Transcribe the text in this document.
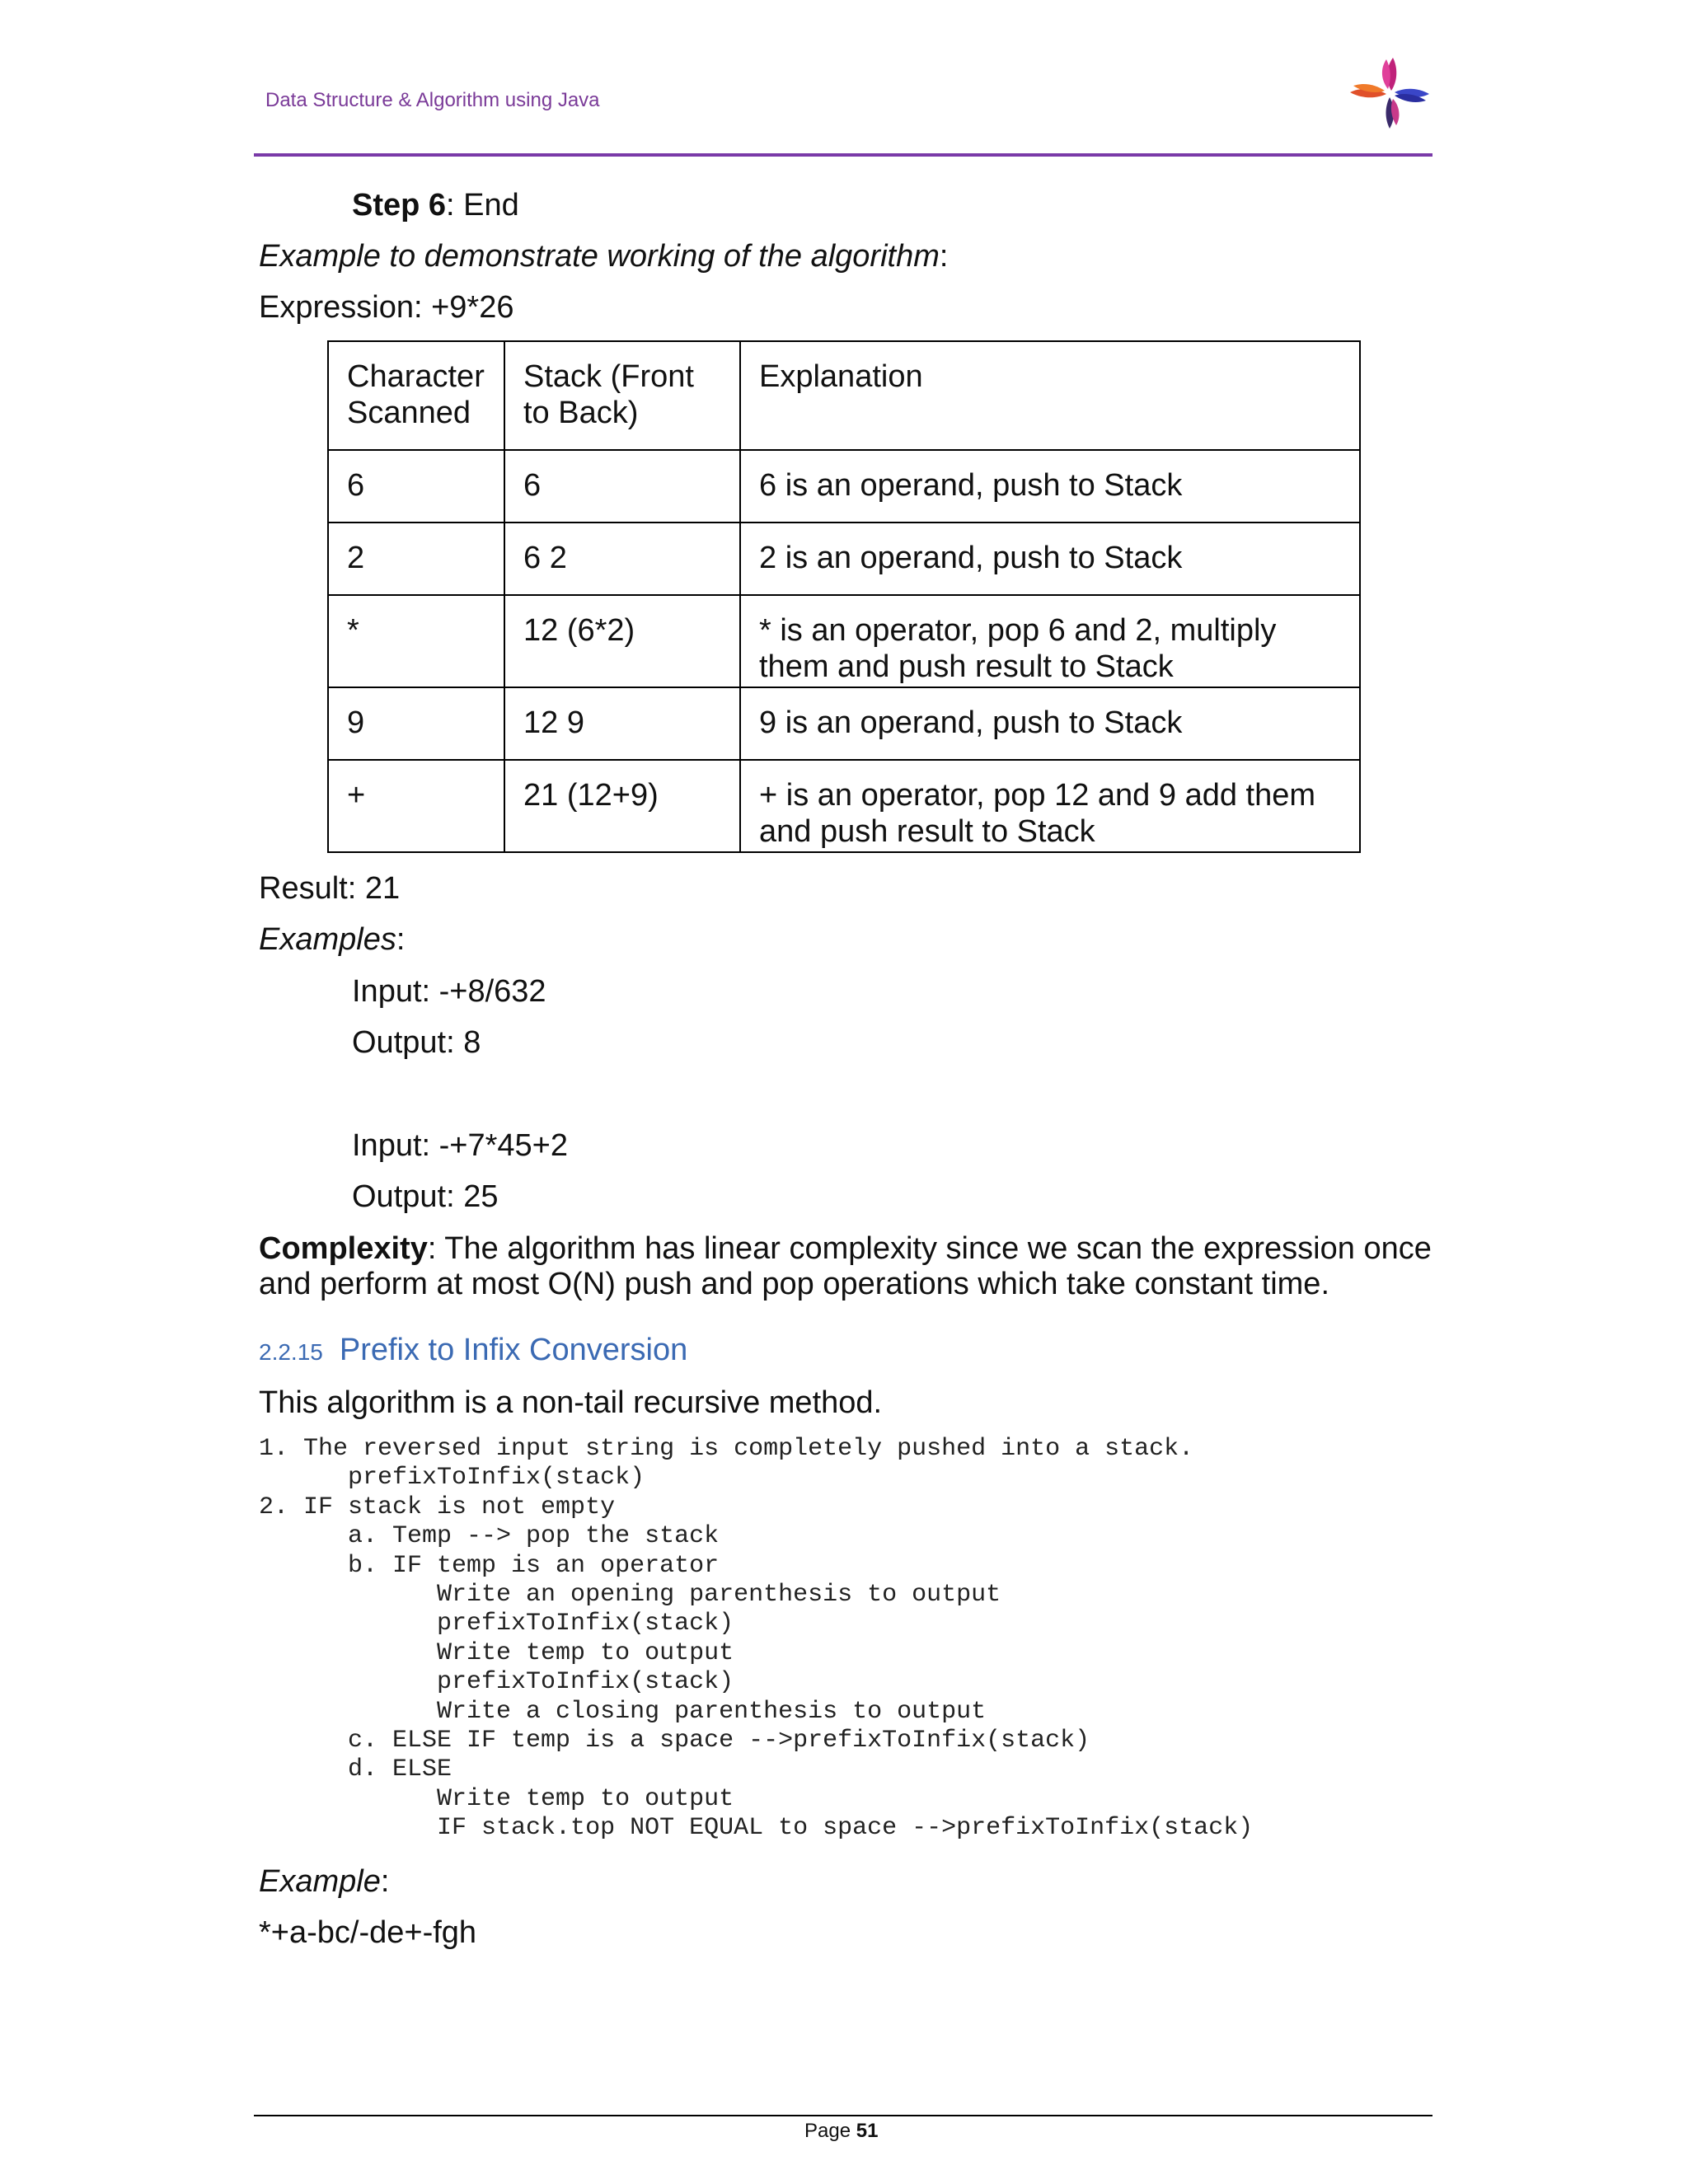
Data Structure & Algorithm using Java
Step 6: End
Example to demonstrate working of the algorithm:
Expression: +9*26
Character Scanned	Stack (Front to Back)	Explanation
6	6	6 is an operand, push to Stack
2	6 2	2 is an operand, push to Stack
*	12 (6*2)	* is an operator, pop 6 and 2, multiply them and push result to Stack
9	12 9	9 is an operand, push to Stack
+	21 (12+9)	+ is an operator, pop 12 and 9 add them and push result to Stack
Result: 21
Examples:
Input: -+8/632
Output: 8
Input: -+7*45+2
Output: 25
Complexity: The algorithm has linear complexity since we scan the expression once
and perform at most O(N) push and pop operations which take constant time.
2.2.15 Prefix to Infix Conversion
This algorithm is a non-tail recursive method.
1. The reversed input string is completely pushed into a stack.
prefixToInfix(stack)
2. IF stack is not empty
a. Temp --> pop the stack
b. IF temp is an operator
Write an opening parenthesis to output
prefixToInfix(stack)
Write temp to output
prefixToInfix(stack)
Write a closing parenthesis to output
c. ELSE IF temp is a space -->prefixToInfix(stack)
d. ELSE
Write temp to output
IF stack.top NOT EQUAL to space -->prefixToInfix(stack)
Example:
*+a-bc/-de+-fgh
Page 51
